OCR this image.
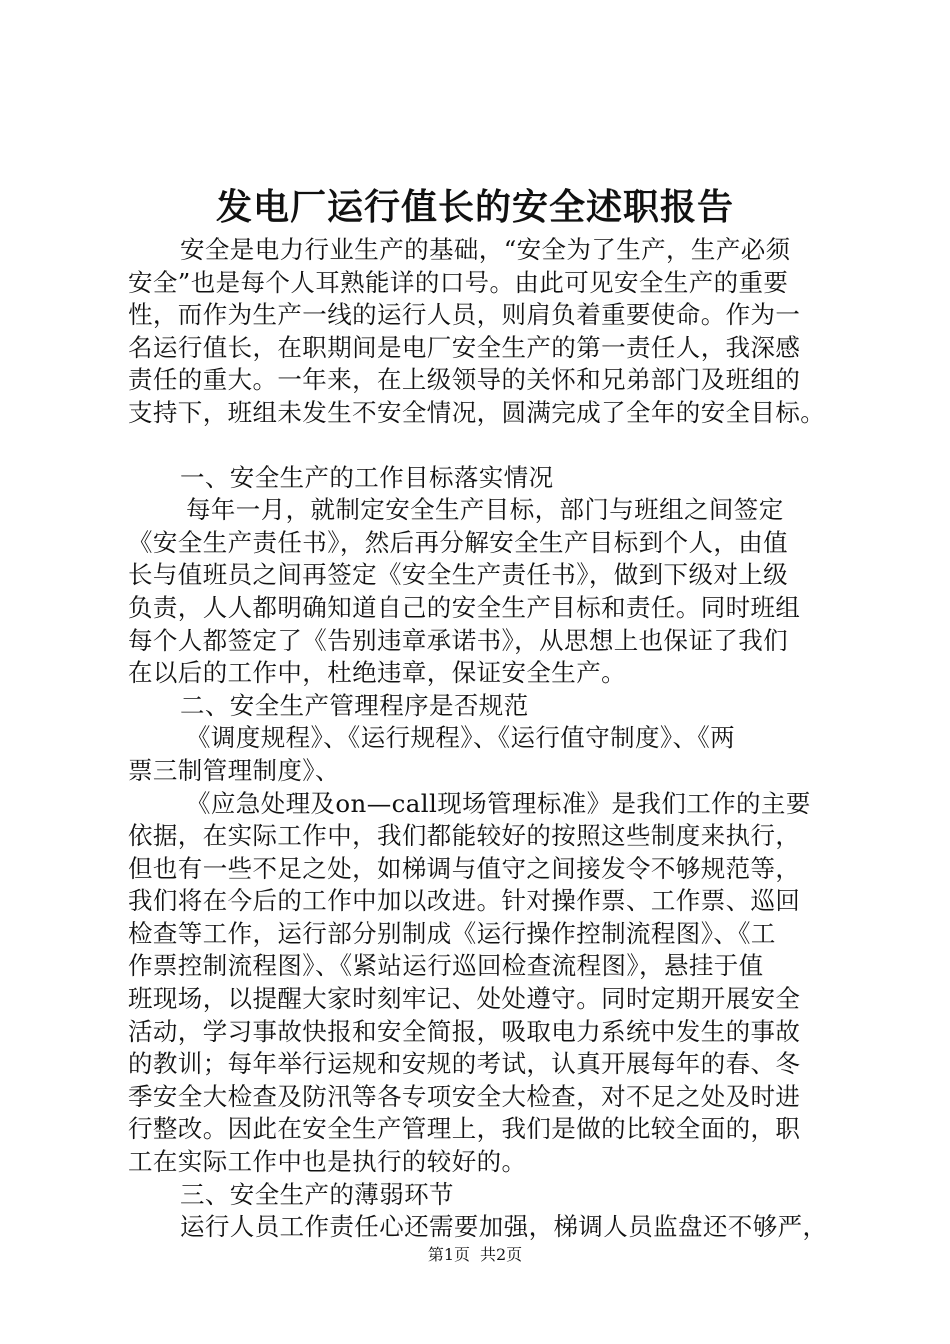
发电厂运行值长的安全述职报告
安全是电力行业生产的基础，“安全为了生产，生产必须
安全”也是每个人耳熟能详的口号。由此可见安全生产的重要
性，而作为生产一线的运行人员，则肩负着重要使命。作为一
名运行值长，在职期间是电厂安全生产的第一责任人，我深感
责任的重大。一年来，在上级领导的关怀和兄弟部门及班组的
支持下，班组未发生不安全情况，圆满完成了全年的安全目标。
一、安全生产的工作目标落实情况
每年一月，就制定安全生产目标，部门与班组之间签定
《安全生产责任书》，然后再分解安全生产目标到个人，由值
长与值班员之间再签定《安全生产责任书》，做到下级对上级
负责，人人都明确知道自己的安全生产目标和责任。同时班组
每个人都签定了《告别违章承诺书》，从思想上也保证了我们
在以后的工作中，杜绝违章，保证安全生产。
二、安全生产管理程序是否规范
《调度规程》、《运行规程》、《运行值守制度》、《两
票三制管理制度》、
《应急处理及on—call现场管理标准》是我们工作的主要
依据，在实际工作中，我们都能较好的按照这些制度来执行，
但也有一些不足之处，如梯调与值守之间接发令不够规范等，
我们将在今后的工作中加以改进。针对操作票、工作票、巡回
检查等工作，运行部分别制成《运行操作控制流程图》、《工
作票控制流程图》、《紧站运行巡回检查流程图》，悬挂于值
班现场，以提醒大家时刻牢记、处处遵守。同时定期开展安全
活动，学习事故快报和安全简报，吸取电力系统中发生的事故
的教训；每年举行运规和安规的考试，认真开展每年的春、冬
季安全大检查及防汛等各专项安全大检查，对不足之处及时进
行整改。因此在安全生产管理上，我们是做的比较全面的，职
工在实际工作中也是执行的较好的。
三、安全生产的薄弱环节
运行人员工作责任心还需要加强，梯调人员监盘还不够严，
第1页 共2页
